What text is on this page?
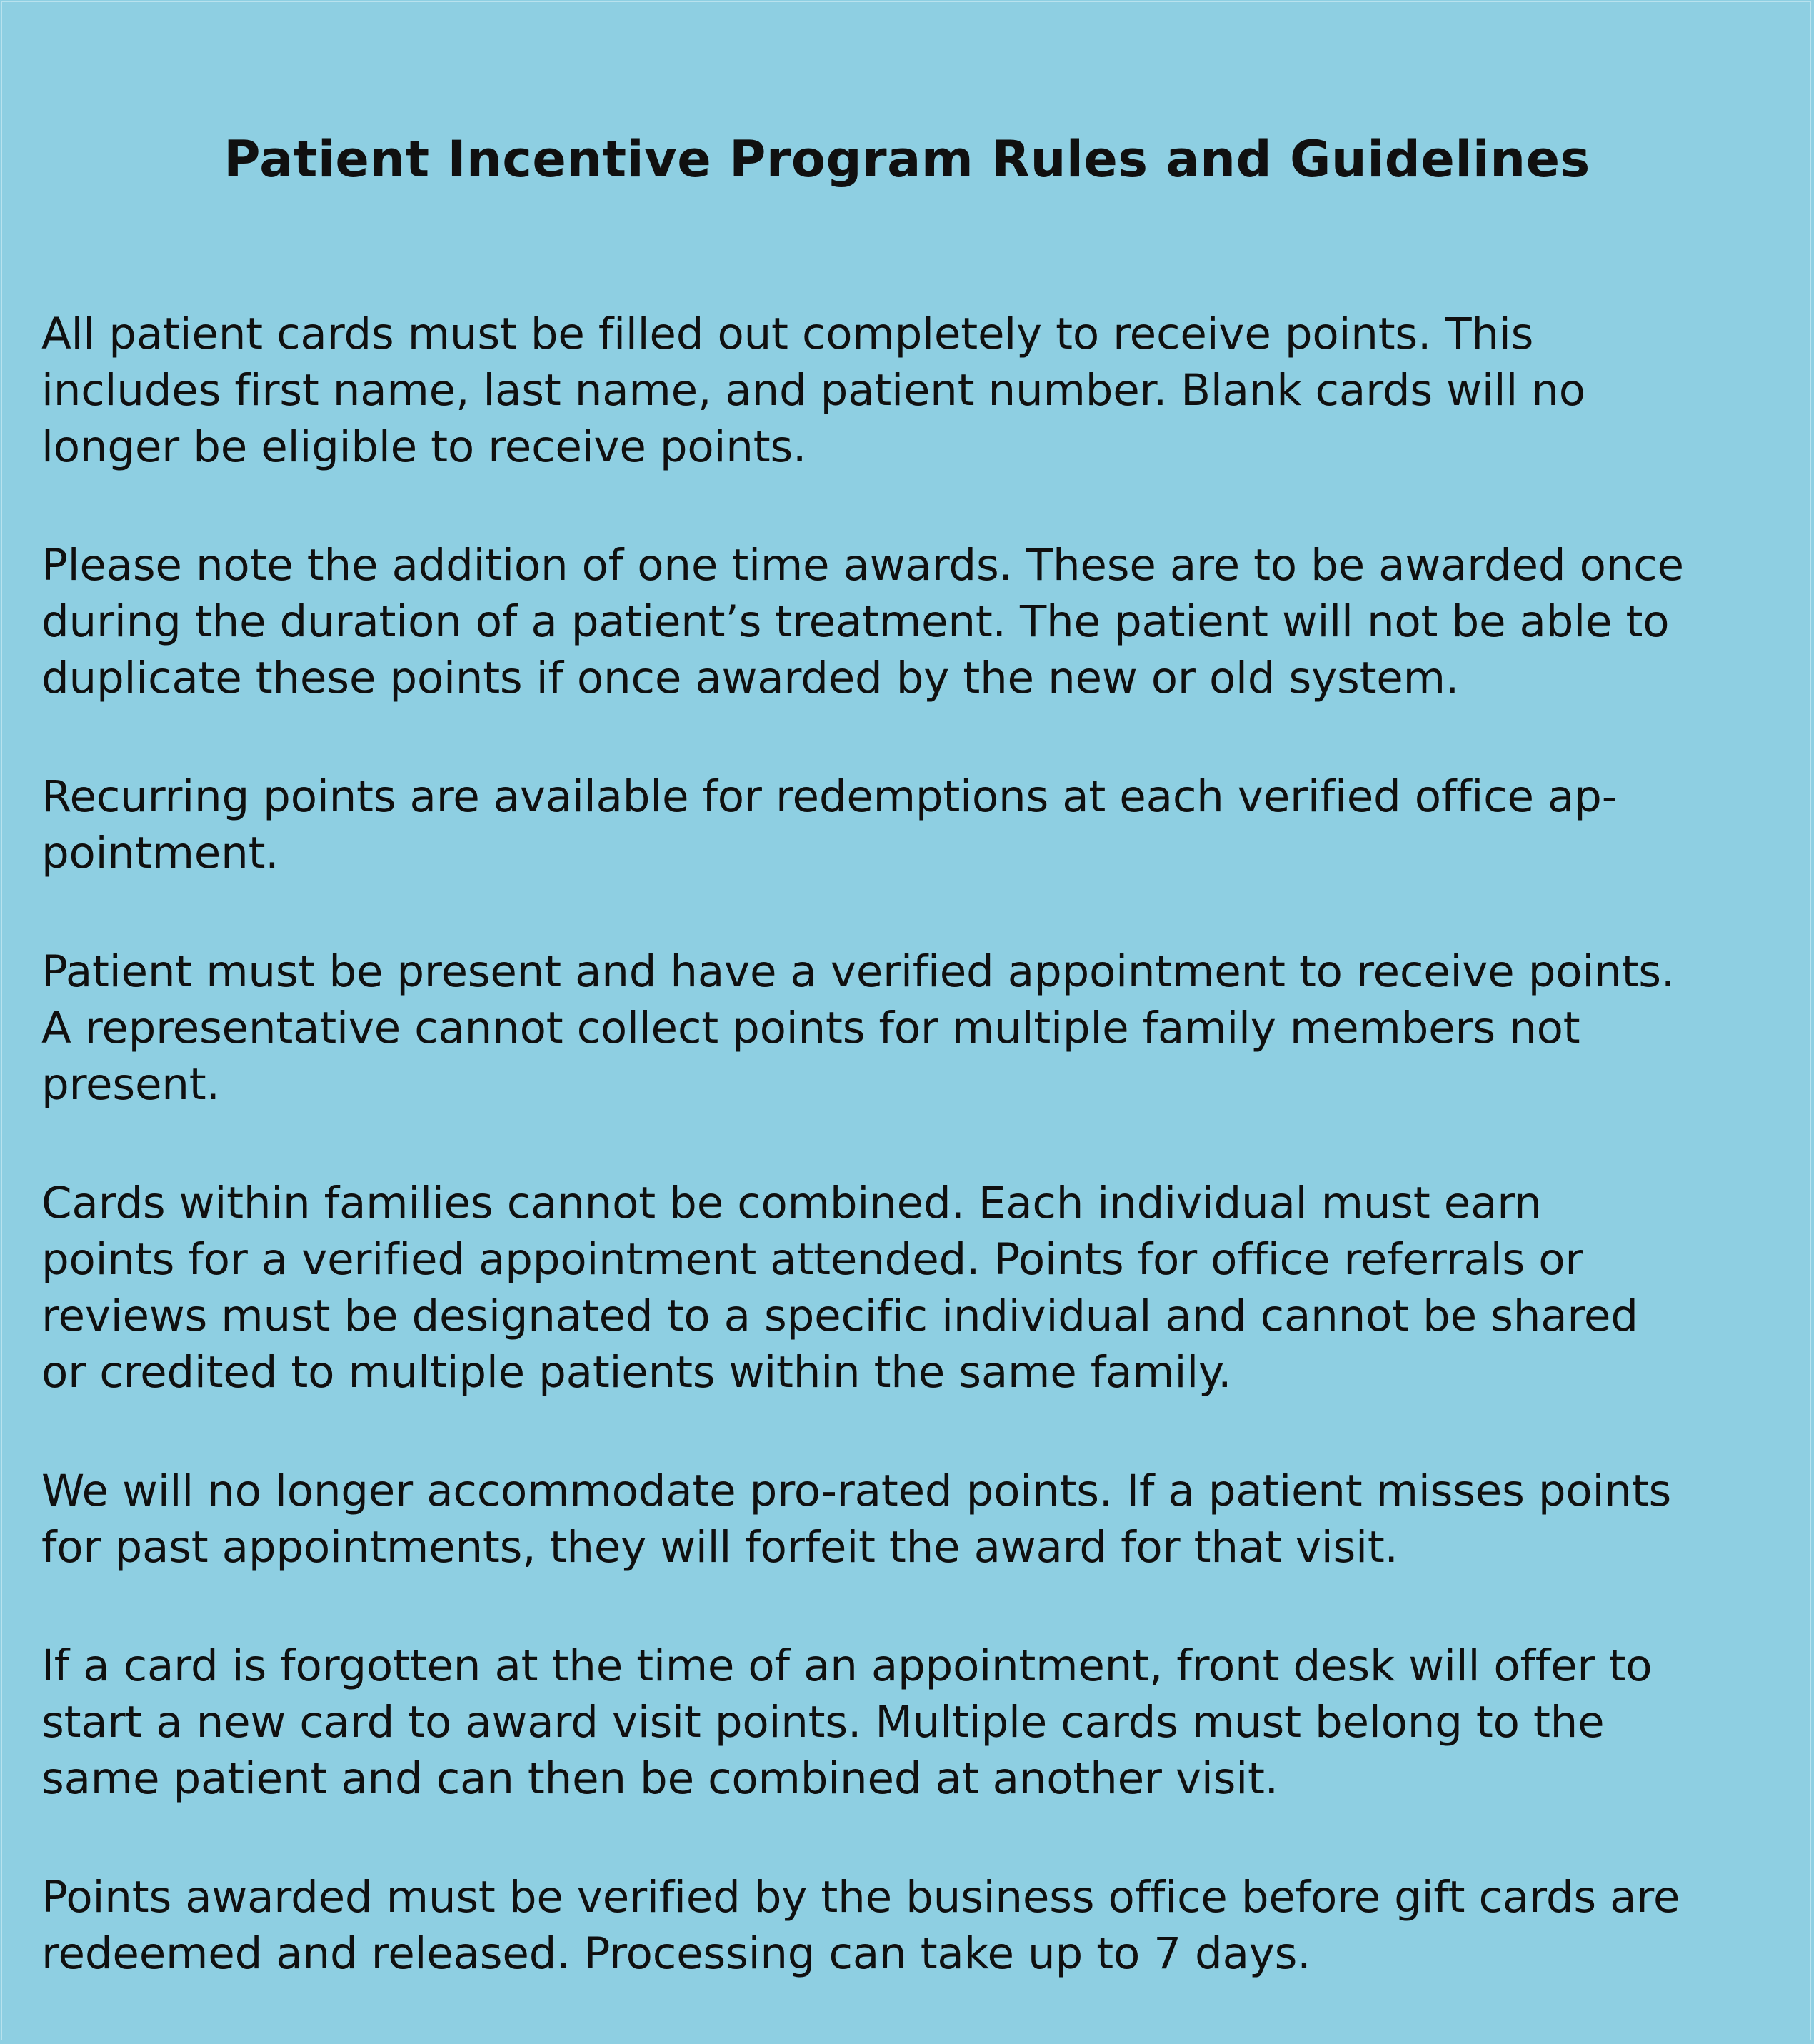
Patient Incentive Program Rules and Guidelines
All patient cards must be filled out completely to receive points. This
includes first name, last name, and patient number. Blank cards will no
longer be eligible to receive points.
Please note the addition of one time awards. These are to be awarded once
during the duration of a patient’s treatment. The patient will not be able to
duplicate these points if once awarded by the new or old system.
Recurring points are available for redemptions at each verified office ap-
pointment.
Patient must be present and have a verified appointment to receive points.
A representative cannot collect points for multiple family members not
present.
Cards within families cannot be combined. Each individual must earn
points for a verified appointment attended. Points for office referrals or
reviews must be designated to a specific individual and cannot be shared
or credited to multiple patients within the same family.
We will no longer accommodate pro-rated points. If a patient misses points
for past appointments, they will forfeit the award for that visit.
If a card is forgotten at the time of an appointment, front desk will offer to
start a new card to award visit points. Multiple cards must belong to the
same patient and can then be combined at another visit.
Points awarded must be verified by the business office before gift cards are
redeemed and released. Processing can take up to 7 days.
